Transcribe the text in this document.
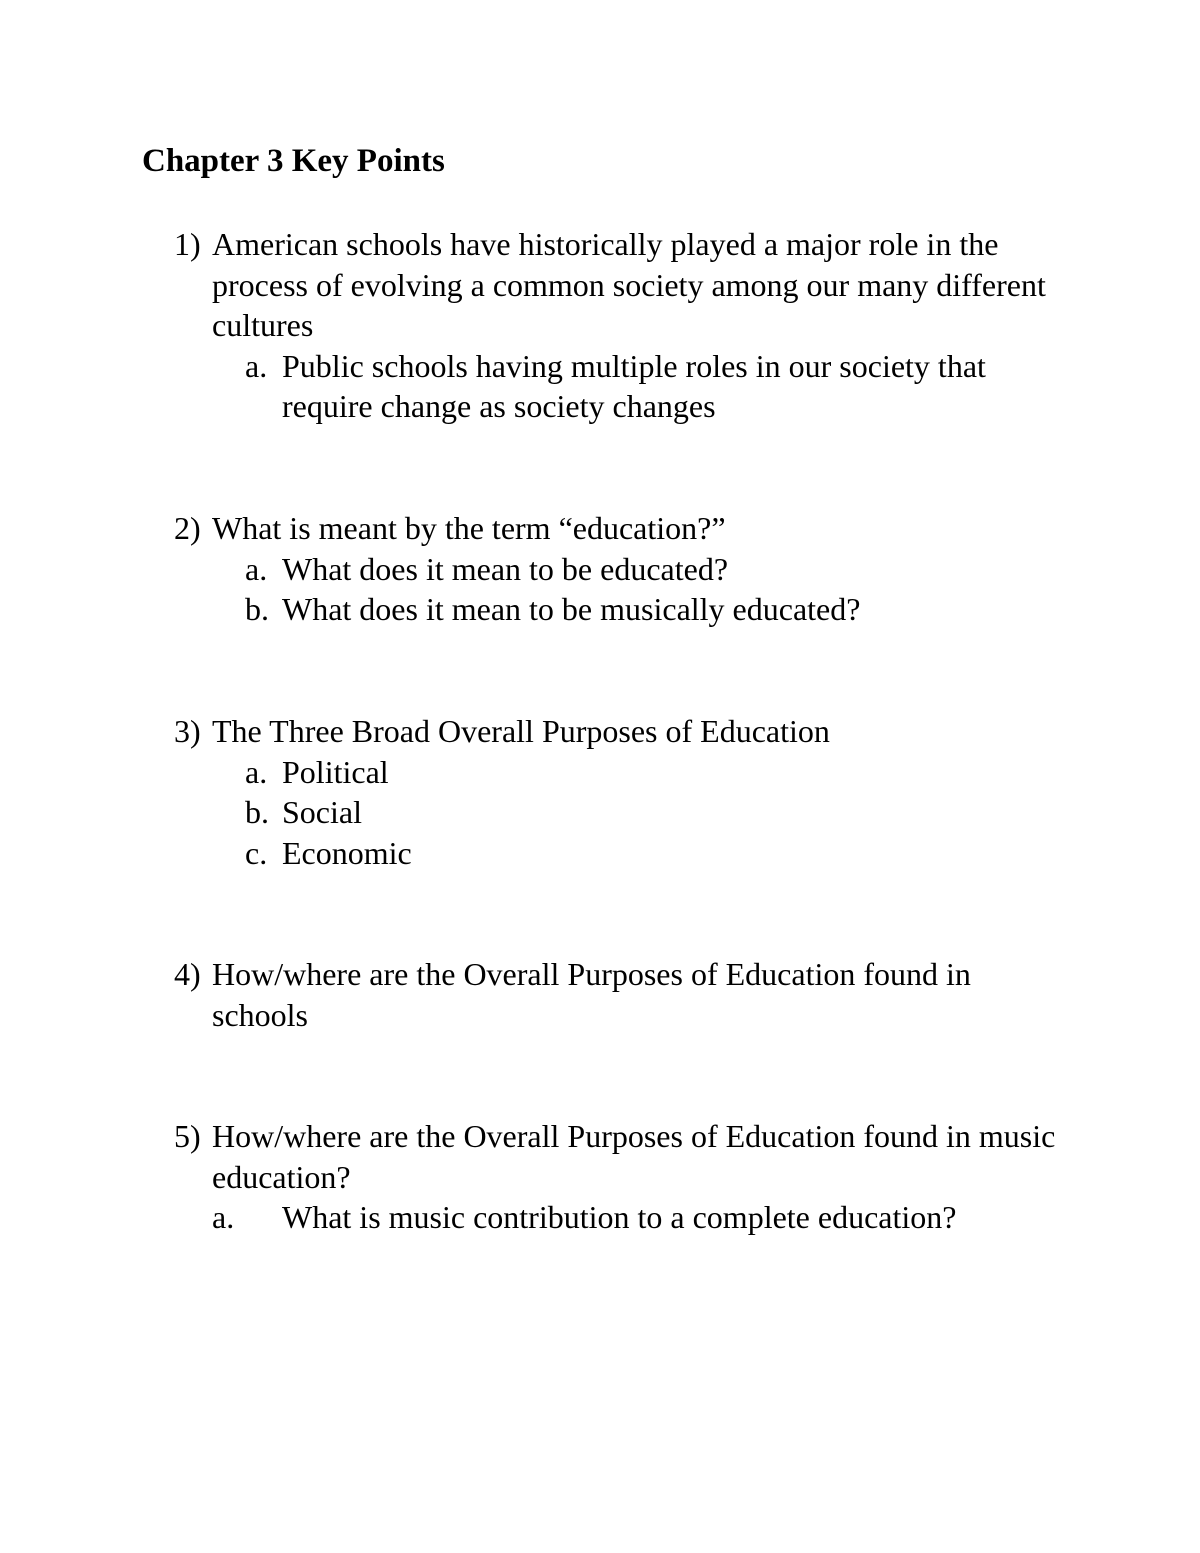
Chapter 3 Key Points
1) American schools have historically played a major role in the process of evolving a common society among our many different cultures
a. Public schools having multiple roles in our society that require change as society changes
2) What is meant by the term “education?”
a. What does it mean to be educated?
b. What does it mean to be musically educated?
3) The Three Broad Overall Purposes of Education
a. Political
b. Social
c. Economic
4) How/where are the Overall Purposes of Education found in schools
5) How/where are the Overall Purposes of Education found in music education?
a. What is music contribution to a complete education?
